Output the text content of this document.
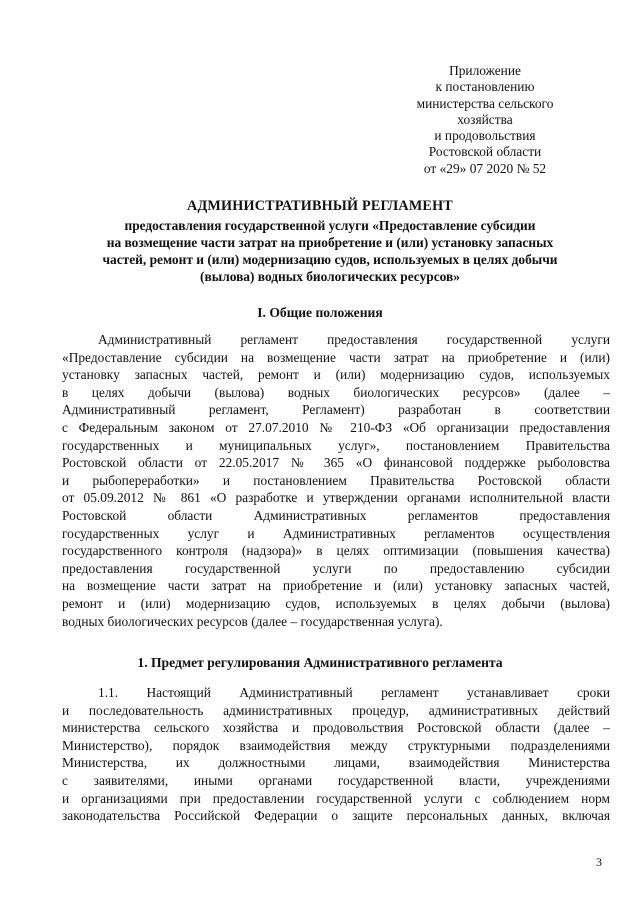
Приложение
к постановлению
министерства сельского
хозяйства
и продовольствия
Ростовской области
от «29» 07 2020 № 52
АДМИНИСТРАТИВНЫЙ РЕГЛАМЕНТ
предоставления государственной услуги «Предоставление субсидии
на возмещение части затрат на приобретение и (или) установку запасных
частей, ремонт и (или) модернизацию судов, используемых в целях добычи
(вылова) водных биологических ресурсов»
I. Общие положения
Административный регламент предоставления государственной услуги
«Предоставление субсидии на возмещение части затрат на приобретение и (или)
установку запасных частей, ремонт и (или) модернизацию судов, используемых
в целях добычи (вылова) водных биологических ресурсов» (далее –
Административный регламент, Регламент) разработан в соответствии
с Федеральным законом от 27.07.2010 № 210-ФЗ «Об организации предоставления
государственных и муниципальных услуг», постановлением Правительства
Ростовской области от 22.05.2017 № 365 «О финансовой поддержке рыболовства
и рыбопереработки» и постановлением Правительства Ростовской области
от 05.09.2012 № 861 «О разработке и утверждении органами исполнительной власти
Ростовской области Административных регламентов предоставления
государственных услуг и Административных регламентов осуществления
государственного контроля (надзора)» в целях оптимизации (повышения качества)
предоставления государственной услуги по предоставлению субсидии
на возмещение части затрат на приобретение и (или) установку запасных частей,
ремонт и (или) модернизацию судов, используемых в целях добычи (вылова)
водных биологических ресурсов (далее – государственная услуга).
1. Предмет регулирования Административного регламента
1.1. Настоящий Административный регламент устанавливает сроки
и последовательность административных процедур, административных действий
министерства сельского хозяйства и продовольствия Ростовской области (далее –
Министерство), порядок взаимодействия между структурными подразделениями
Министерства, их должностными лицами, взаимодействия Министерства
с заявителями, иными органами государственной власти, учреждениями
и организациями при предоставлении государственной услуги с соблюдением норм
законодательства Российской Федерации о защите персональных данных, включая
3
